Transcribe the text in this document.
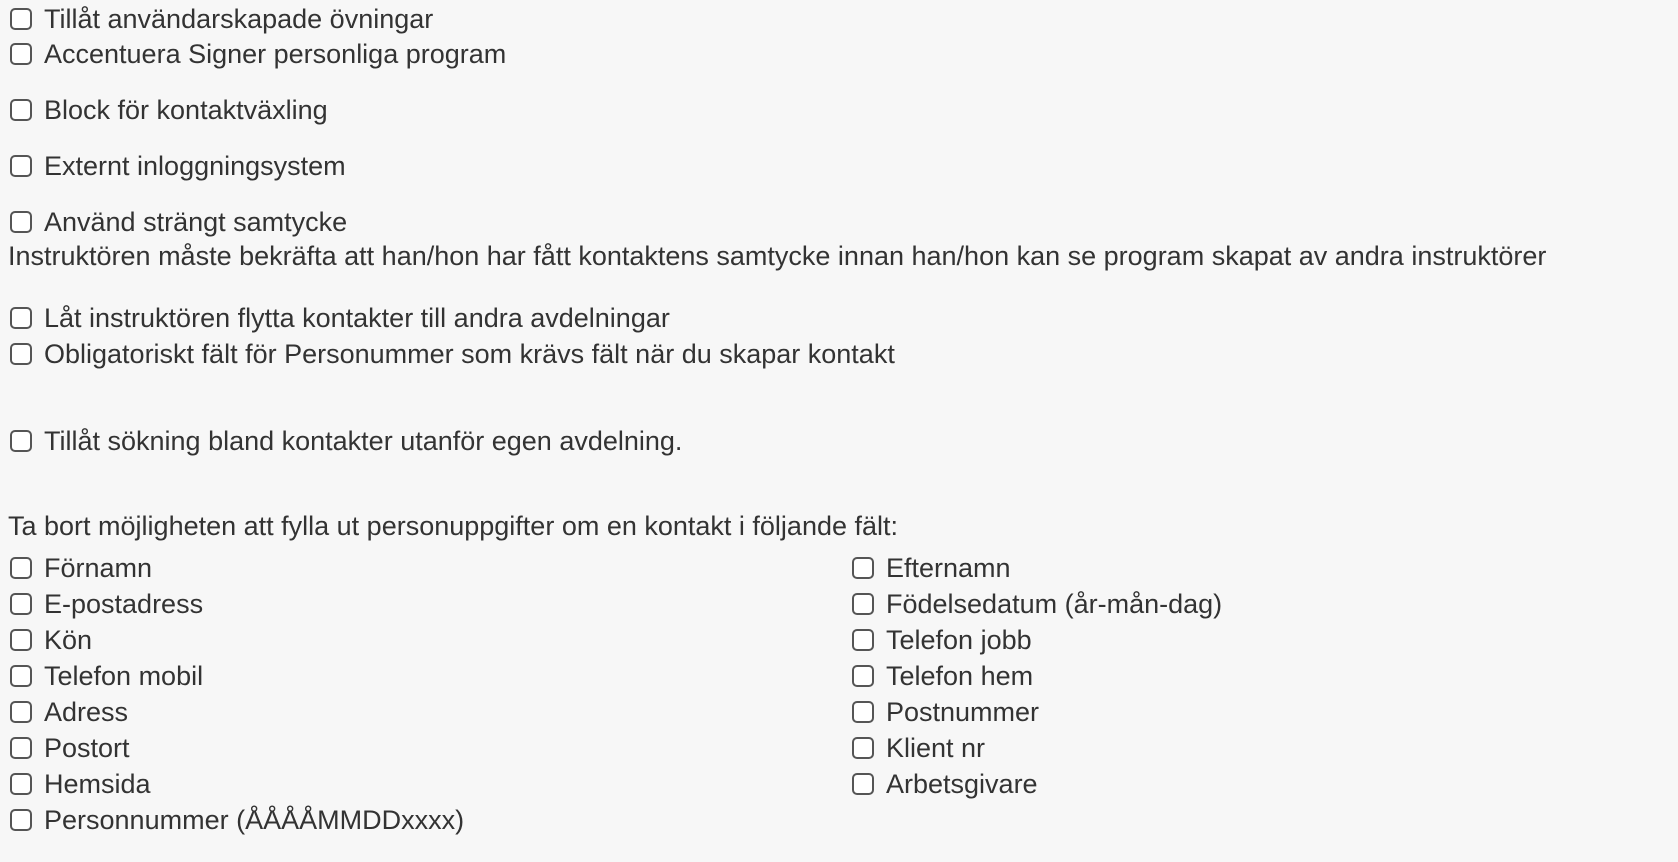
Tillåt användarskapade övningar
Accentuera Signer personliga program
Block för kontaktväxling
Externt inloggningsystem
Använd strängt samtycke
Instruktören måste bekräfta att han/hon har fått kontaktens samtycke innan han/hon kan se program skapat av andra instruktörer
Låt instruktören flytta kontakter till andra avdelningar
Obligatoriskt fält för Personummer som krävs fält när du skapar kontakt
Tillåt sökning bland kontakter utanför egen avdelning.
Ta bort möjligheten att fylla ut personuppgifter om en kontakt i följande fält:
Förnamn
E-postadress
Kön
Telefon mobil
Adress
Postort
Hemsida
Personnummer (ÅÅÅÅMMDDxxxx)
Efternamn
Födelsedatum (år-mån-dag)
Telefon jobb
Telefon hem
Postnummer
Klient nr
Arbetsgivare
